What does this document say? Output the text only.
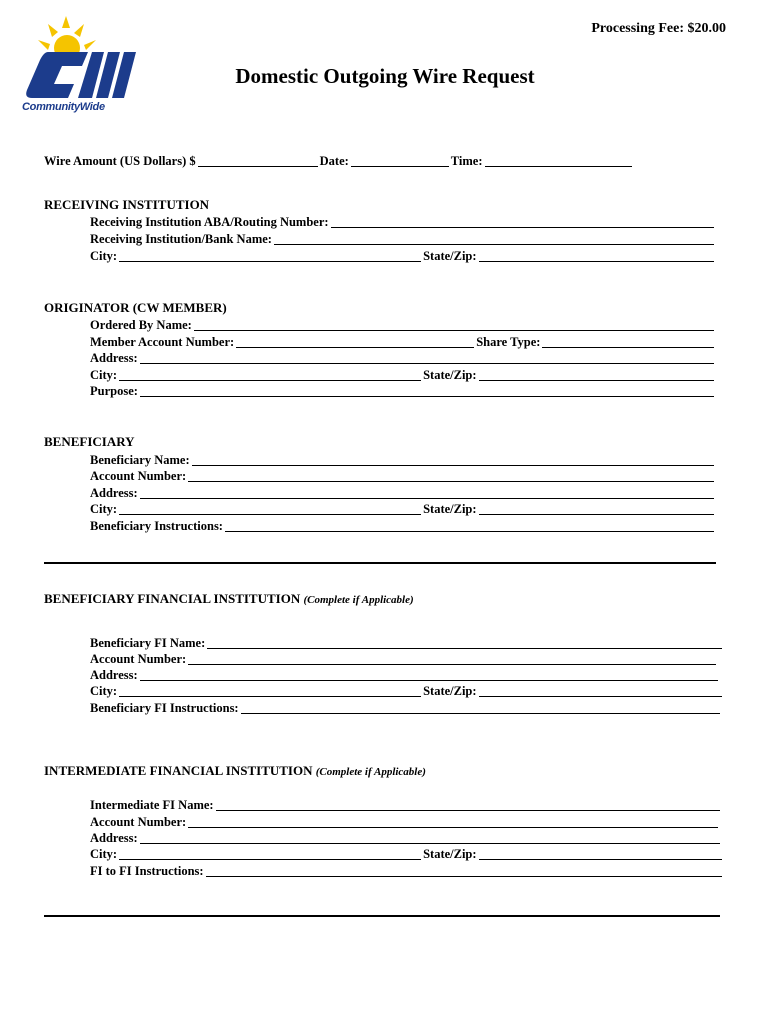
CommunityWide
Processing Fee: $20.00
Domestic Outgoing Wire Request
Wire Amount (US Dollars) $	Date:	Time:
RECEIVING INSTITUTION
Receiving Institution ABA/Routing Number:
Receiving Institution/Bank Name:
City:	State/Zip:
ORIGINATOR (CW MEMBER)
Ordered By Name:
Member Account Number:	Share Type:
Address:
City:	State/Zip:
Purpose:
BENEFICIARY
Beneficiary Name:
Account Number:
Address:
City:	State/Zip:
Beneficiary Instructions:
BENEFICIARY FINANCIAL INSTITUTION (Complete if Applicable)
Beneficiary FI Name:
Account Number:
Address:
City:	State/Zip:
Beneficiary FI Instructions:
INTERMEDIATE FINANCIAL INSTITUTION (Complete if Applicable)
Intermediate FI Name:
Account Number:
Address:
City:	State/Zip:
FI to FI Instructions:
